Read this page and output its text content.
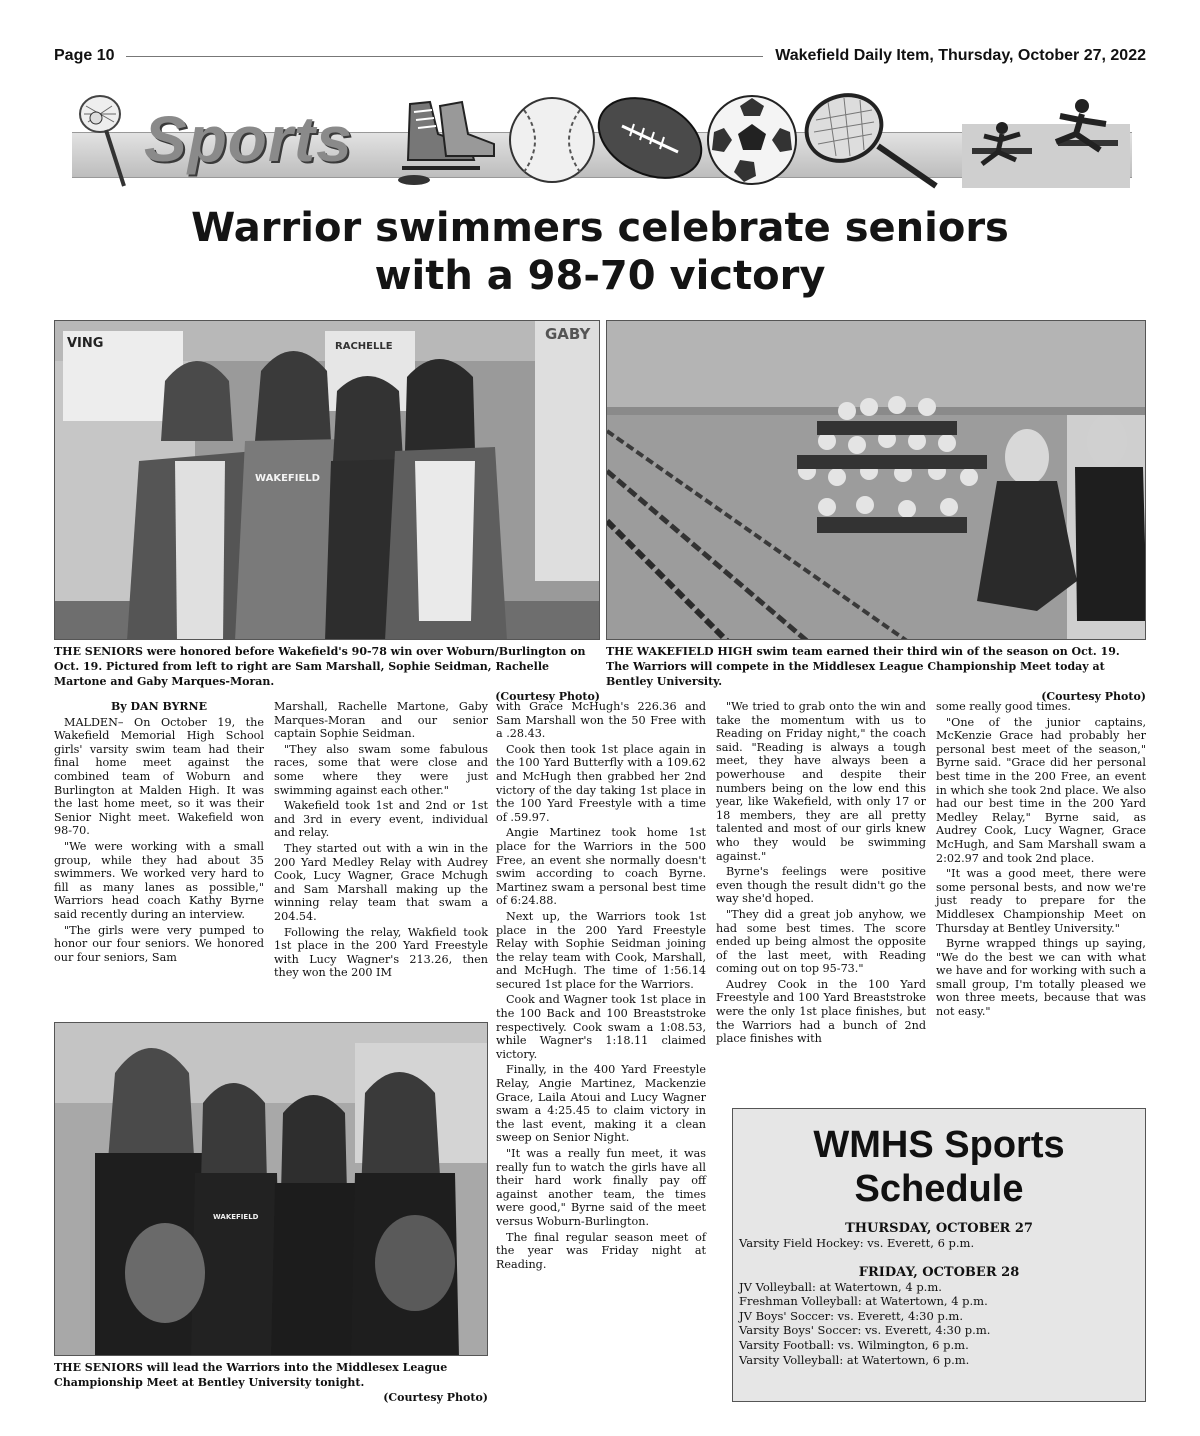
Page 10	Wakefield Daily Item, Thursday, October 27, 2022
Sports
Warrior swimmers celebrate seniors
with a 98-70 victory
VING	RACHELLE
GABY
WAKEFIELD
THE SENIORS were honored before Wakefield's 90-78 win over Woburn/Burlington on Oct. 19. Pictured from left to right are Sam Marshall, Sophie Seidman, Rachelle Martone and Gaby Marques-Moran.
(Courtesy Photo)
THE WAKEFIELD HIGH swim team earned their third win of the season on Oct. 19. The Warriors will compete in the Middlesex League Championship Meet today at Bentley University.
(Courtesy Photo)

By DAN BYRNE

MALDEN– On October 19, the Wakefield Memorial High School girls' varsity swim team had their final home meet against the combined team of Woburn and Burlington at Malden High. It was the last home meet, so it was their Senior Night meet. Wakefield won 98-70.

"We were working with a small group, while they had about 35 swimmers. We worked very hard to fill as many lanes as possible," Warriors head coach Kathy Byrne said recently during an interview.

"The girls were very pumped to honor our four seniors. We honored our four seniors, Sam

Marshall, Rachelle Martone, Gaby Marques-Moran and our senior captain Sophie Seidman.

"They also swam some fabulous races, some that were close and some where they were just swimming against each other."

Wakefield took 1st and 2nd or 1st and 3rd in every event, individual and relay.

They started out with a win in the 200 Yard Medley Relay with Audrey Cook, Lucy Wagner, Grace Mchugh and Sam Marshall making up the winning relay team that swam a 204.54.

Following the relay, Wakfield took 1st place in the 200 Yard Freestyle with Lucy Wagner's 213.26, then they won the 200 IM

WAKEFIELD
THE SENIORS will lead the Warriors into the Middlesex League Championship Meet at Bentley University tonight.
(Courtesy Photo)

with Grace McHugh's 226.36 and Sam Marshall won the 50 Free with a .28.43.

Cook then took 1st place again in the 100 Yard Butterfly with a 109.62 and McHugh then grabbed her 2nd victory of the day taking 1st place in the 100 Yard Freestyle with a time of .59.97.

Angie Martinez took home 1st place for the Warriors in the 500 Free, an event she normally doesn't swim according to coach Byrne. Martinez swam a personal best time of 6:24.88.

Next up, the Warriors took 1st place in the 200 Yard Freestyle Relay with Sophie Seidman joining the relay team with Cook, Marshall, and McHugh. The time of 1:56.14 secured 1st place for the Warriors.

Cook and Wagner took 1st place in the 100 Back and 100 Breaststroke respectively. Cook swam a 1:08.53, while Wagner's 1:18.11 claimed victory.

Finally, in the 400 Yard Freestyle Relay, Angie Martinez, Mackenzie Grace, Laila Atoui and Lucy Wagner swam a 4:25.45 to claim victory in the last event, making it a clean sweep on Senior Night.

"It was a really fun meet, it was really fun to watch the girls have all their hard work finally pay off against another team, the times were good," Byrne said of the meet versus Woburn-Burlington.

The final regular season meet of the year was Friday night at Reading.

"We tried to grab onto the win and take the momentum with us to Reading on Friday night," the coach said. "Reading is always a tough meet, they have always been a powerhouse and despite their numbers being on the low end this year, like Wakefield, with only 17 or 18 members, they are all pretty talented and most of our girls knew who they would be swimming against."

Byrne's feelings were positive even though the result didn't go the way she'd hoped.

"They did a great job anyhow, we had some best times. The score ended up being almost the opposite of the last meet, with Reading coming out on top 95-73."

Audrey Cook in the 100 Yard Freestyle and 100 Yard Breaststroke were the only 1st place finishes, but the Warriors had a bunch of 2nd place finishes with

some really good times.

"One of the junior captains, McKenzie Grace had probably her personal best meet of the season," Byrne said. "Grace did her personal best time in the 200 Free, an event in which she took 2nd place. We also had our best time in the 200 Yard Medley Relay," Byrne said, as Audrey Cook, Lucy Wagner, Grace McHugh, and Sam Marshall swam a 2:02.97 and took 2nd place.

"It was a good meet, there were some personal bests, and now we're just ready to prepare for the Middlesex Championship Meet on Thursday at Bentley University."

Byrne wrapped things up saying, "We do the best we can with what we have and for working with such a small group, I'm totally pleased we won three meets, because that was not easy."

WMHS Sports
Schedule
THURSDAY, OCTOBER 27
Varsity Field Hockey: vs. Everett, 6 p.m.
FRIDAY, OCTOBER 28
JV Volleyball: at Watertown, 4 p.m.
Freshman Volleyball: at Watertown, 4 p.m.
JV Boys' Soccer: vs. Everett, 4:30 p.m.
Varsity Boys' Soccer: vs. Everett, 4:30 p.m.
Varsity Football: vs. Wilmington, 6 p.m.
Varsity Volleyball: at Watertown, 6 p.m.
